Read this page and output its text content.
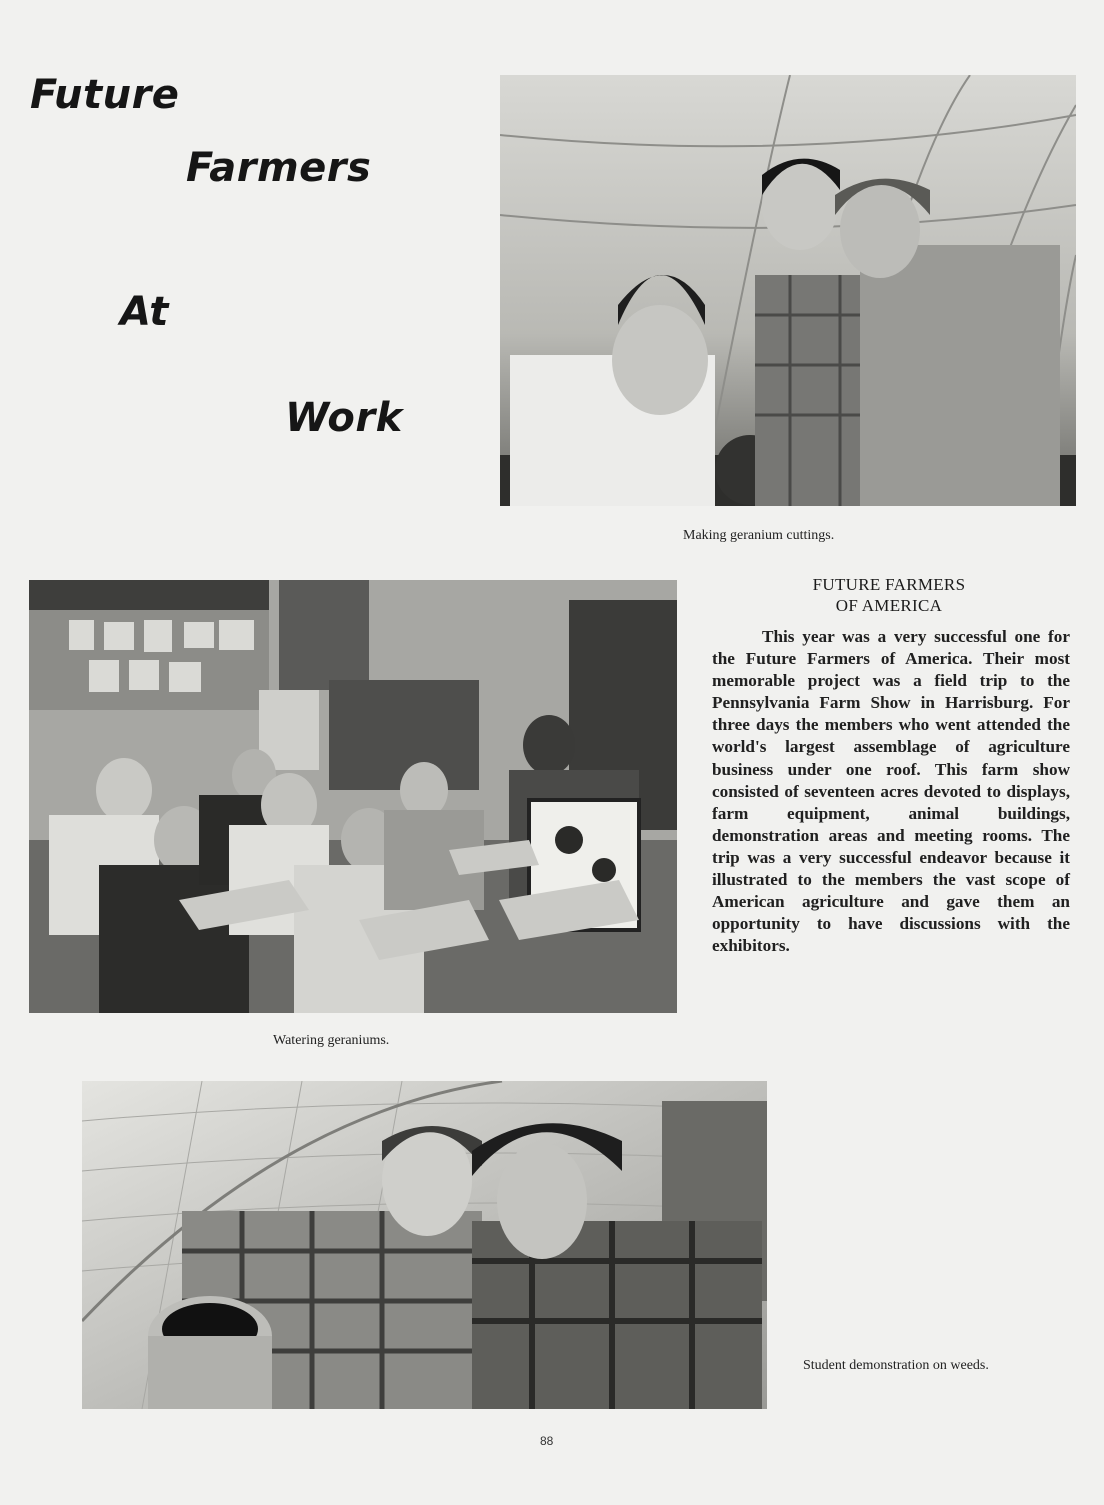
Future
Farmers
At
Work
Making geranium cuttings.
Watering geraniums.
FUTURE FARMERS
OF AMERICA
This year was a very successful one for the Future Farmers of America. Their most memorable project was a field trip to the Pennsylvania Farm Show in Harrisburg. For three days the members who went attended the world's largest assemblage of agriculture business under one roof. This farm show consisted of seventeen acres devoted to displays, farm equipment, animal buildings, demonstration areas and meeting rooms. The trip was a very successful endeavor because it illustrated to the members the vast scope of American agriculture and gave them an opportunity to have discussions with the exhibitors.
Student demonstration on weeds.
88
